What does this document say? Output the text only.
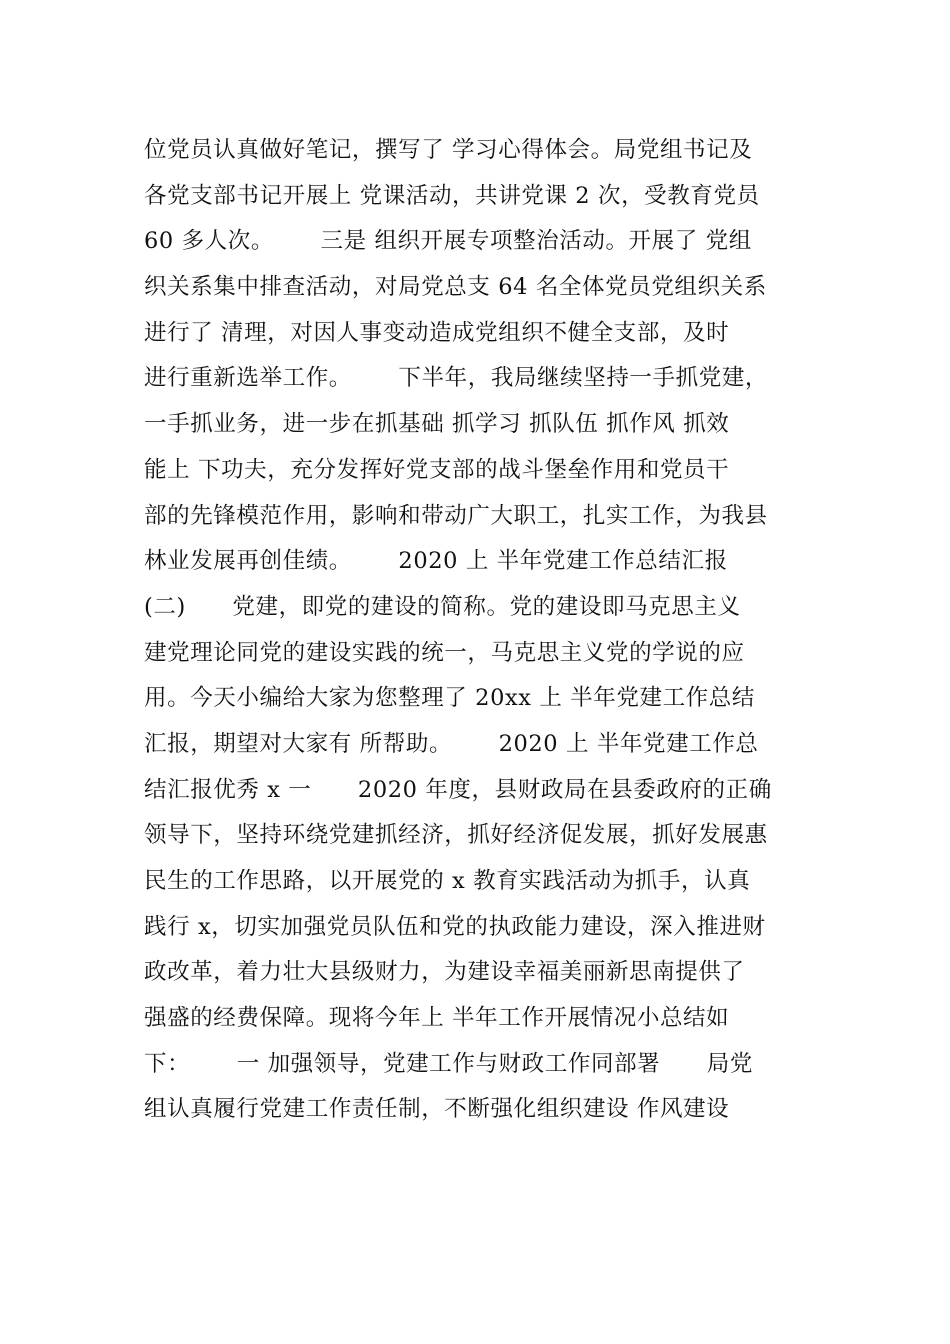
位党员认真做好笔记，撰写了 学习心得体会。局党组书记及
各党支部书记开展上 党课活动，共讲党课 2 次，受教育党员
60 多人次。      三是 组织开展专项整治活动。开展了 党组
织关系集中排查活动，对局党总支 64 名全体党员党组织关系
进行了 清理，对因人事变动造成党组织不健全支部，及时
进行重新选举工作。      下半年，我局继续坚持一手抓党建，
一手抓业务，进一步在抓基础 抓学习 抓队伍 抓作风 抓效
能上 下功夫，充分发挥好党支部的战斗堡垒作用和党员干
部的先锋模范作用，影响和带动广大职工，扎实工作，为我县
林业发展再创佳绩。      2020 上 半年党建工作总结汇报
(二)      党建，即党的建设的简称。党的建设即马克思主义
建党理论同党的建设实践的统一，马克思主义党的学说的应
用。今天小编给大家为您整理了 20xx 上 半年党建工作总结
汇报，期望对大家有 所帮助。      2020 上 半年党建工作总
结汇报优秀 x 一      2020 年度，县财政局在县委政府的正确
领导下，坚持环绕党建抓经济，抓好经济促发展，抓好发展惠
民生的工作思路，以开展党的 x 教育实践活动为抓手，认真
践行 x，切实加强党员队伍和党的执政能力建设，深入推进财
政改革，着力壮大县级财力，为建设幸福美丽新思南提供了
强盛的经费保障。现将今年上 半年工作开展情况小总结如
下：      一 加强领导，党建工作与财政工作同部署      局党
组认真履行党建工作责任制，不断强化组织建设 作风建设
